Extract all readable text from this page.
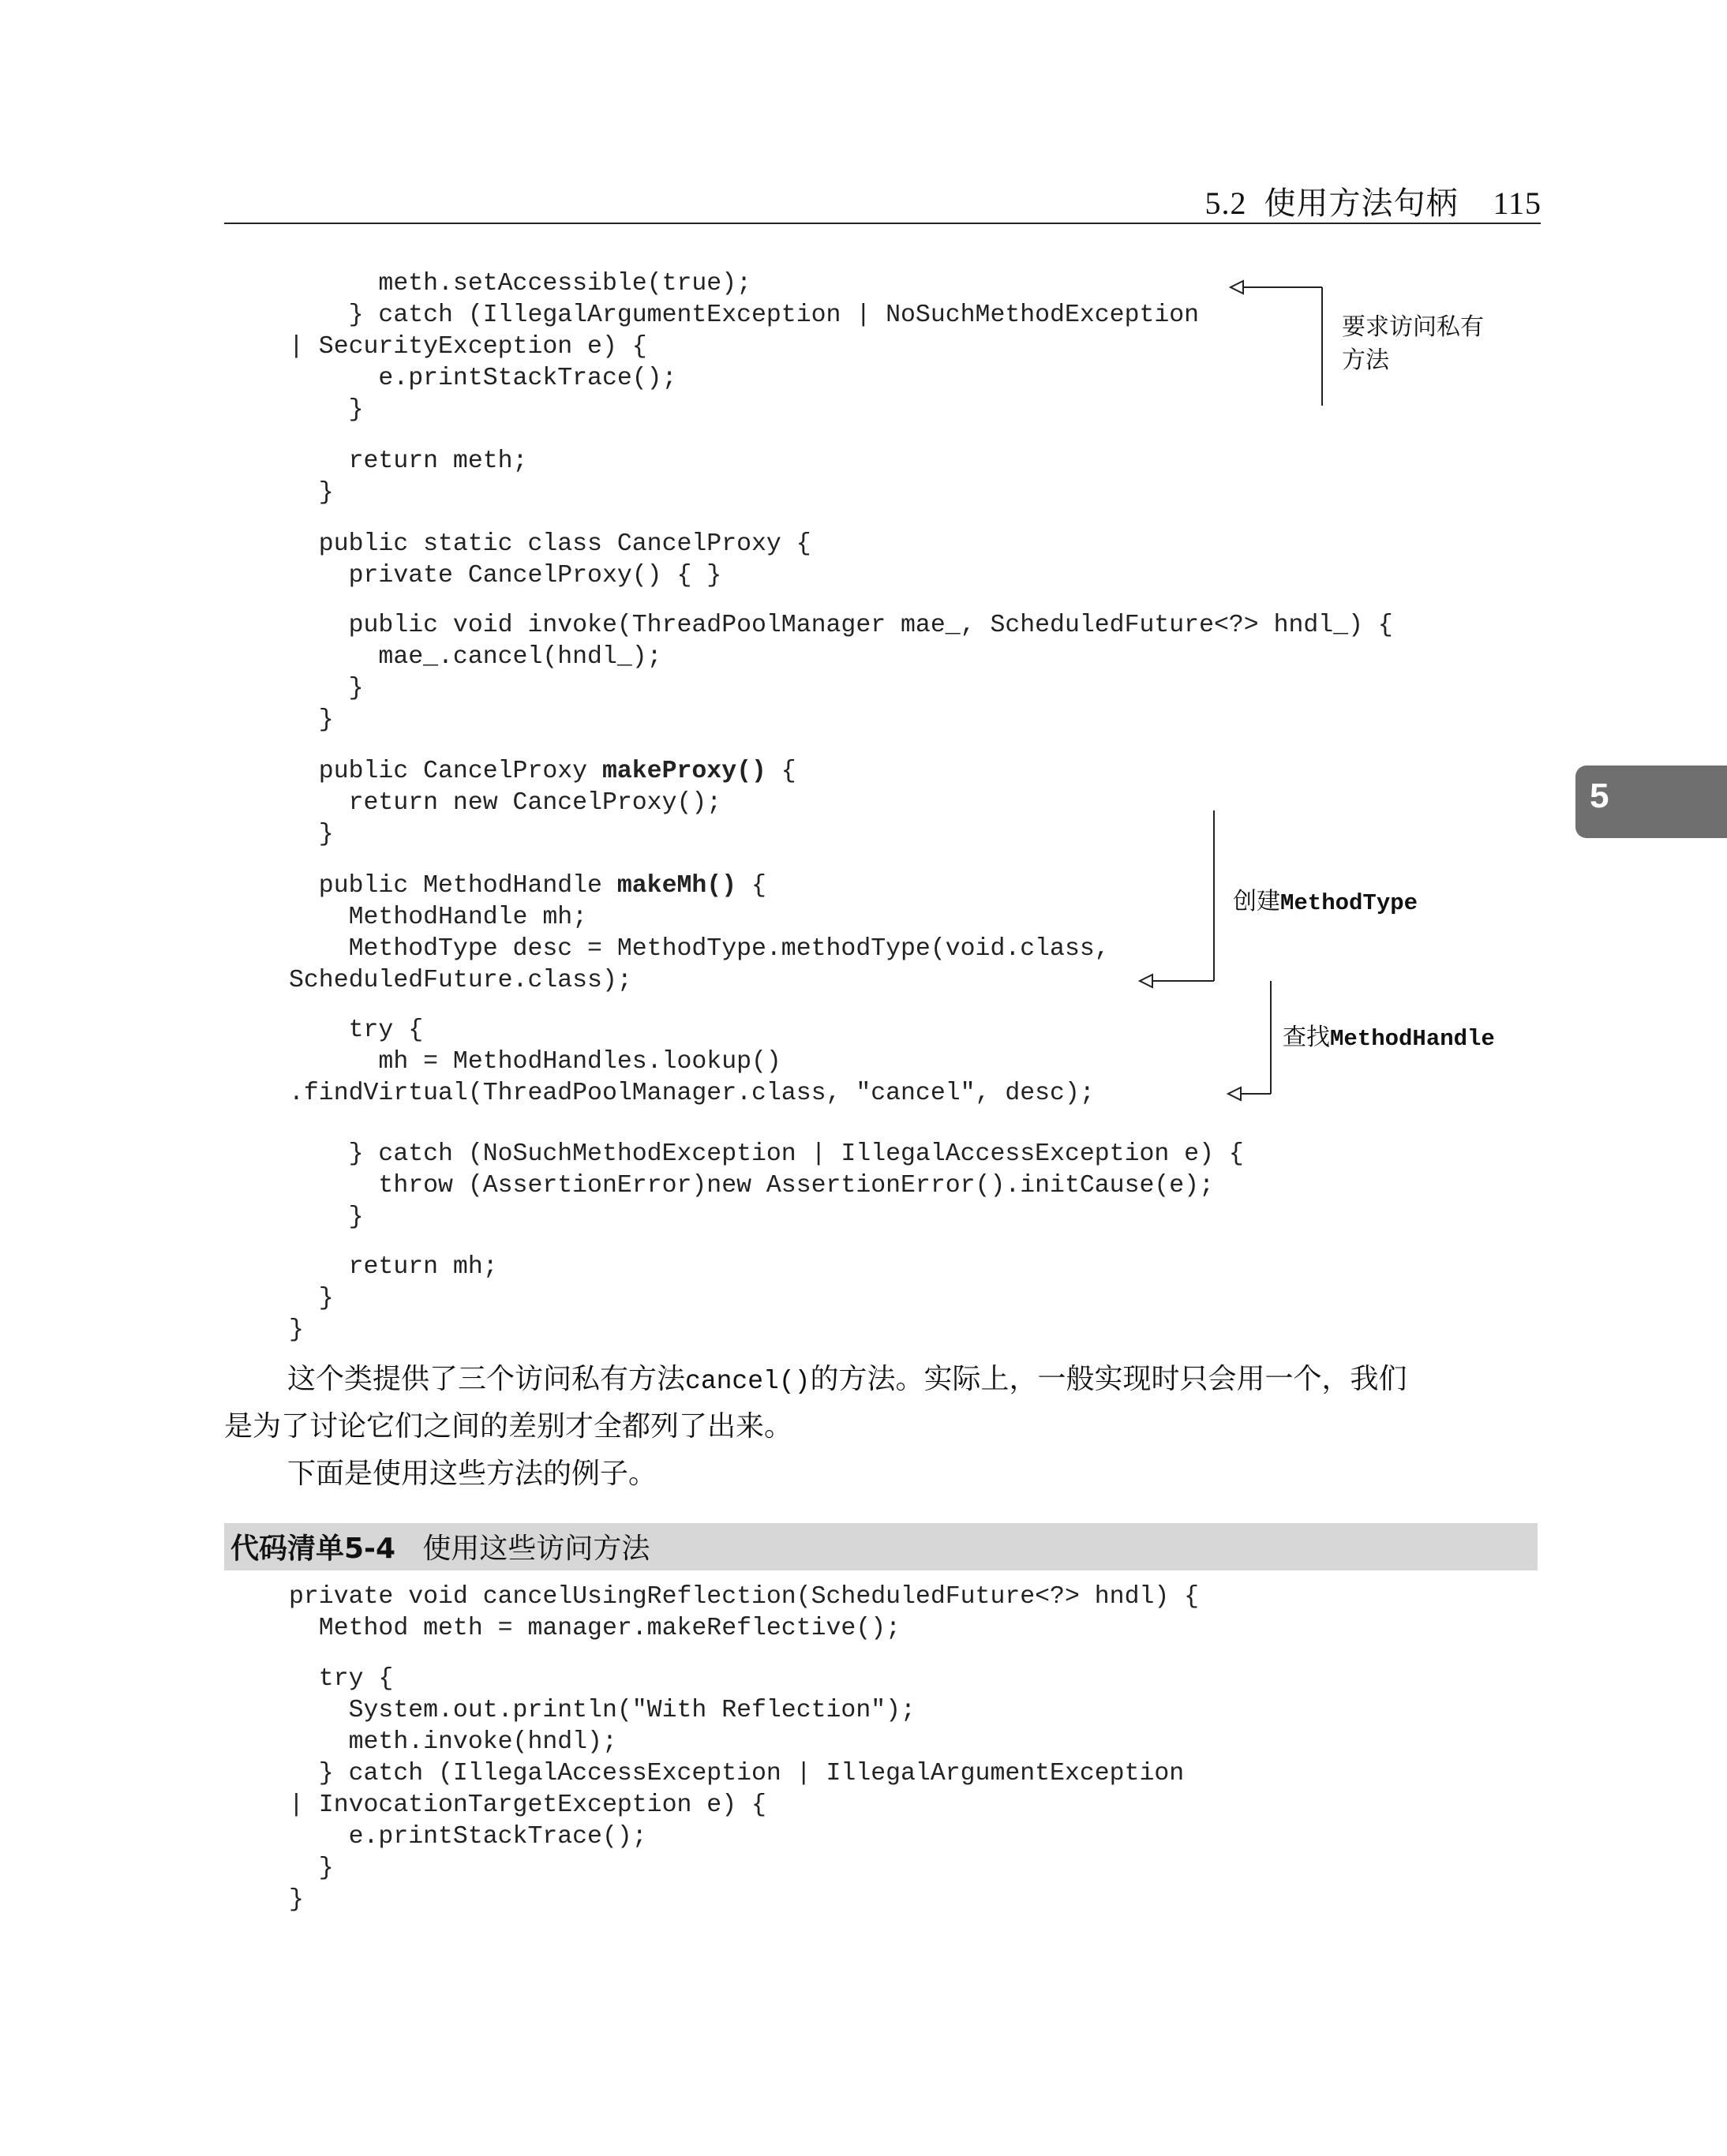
5.2 使用方法句柄 115
5
meth.setAccessible(true);
} catch (IllegalArgumentException | NoSuchMethodException
| SecurityException e) {
e.printStackTrace();
}
return meth;
}
public static class CancelProxy {
private CancelProxy() { }
public void invoke(ThreadPoolManager mae_, ScheduledFuture<?> hndl_) {
mae_.cancel(hndl_);
}
}
public CancelProxy makeProxy() {
return new CancelProxy();
}
public MethodHandle makeMh() {
MethodHandle mh;
MethodType desc = MethodType.methodType(void.class,
ScheduledFuture.class);
try {
mh = MethodHandles.lookup()
.findVirtual(ThreadPoolManager.class, "cancel", desc);
} catch (NoSuchMethodException | IllegalAccessException e) {
throw (AssertionError)new AssertionError().initCause(e);
}
return mh;
}
}
要求访问私有
方法
创建MethodType
查找MethodHandle
这个类提供了三个访问私有方法cancel()的方法。实际上，一般实现时只会用一个，我们
是为了讨论它们之间的差别才全都列了出来。
下面是使用这些方法的例子。
代码清单5-4 使用这些访问方法
private void cancelUsingReflection(ScheduledFuture<?> hndl) {
Method meth = manager.makeReflective();
try {
System.out.println("With Reflection");
meth.invoke(hndl);
} catch (IllegalAccessException | IllegalArgumentException
| InvocationTargetException e) {
e.printStackTrace();
}
}
